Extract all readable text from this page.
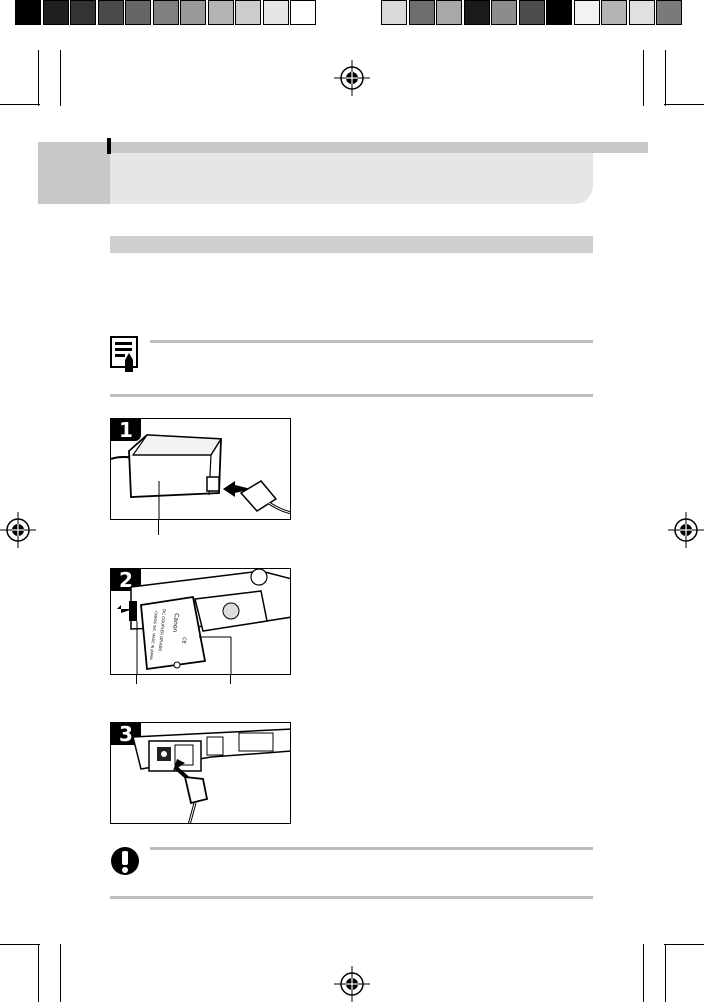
1
2
Canon
DC COUPLER DR-600
CANON INC. MADE IN JAPAN	CE
3
